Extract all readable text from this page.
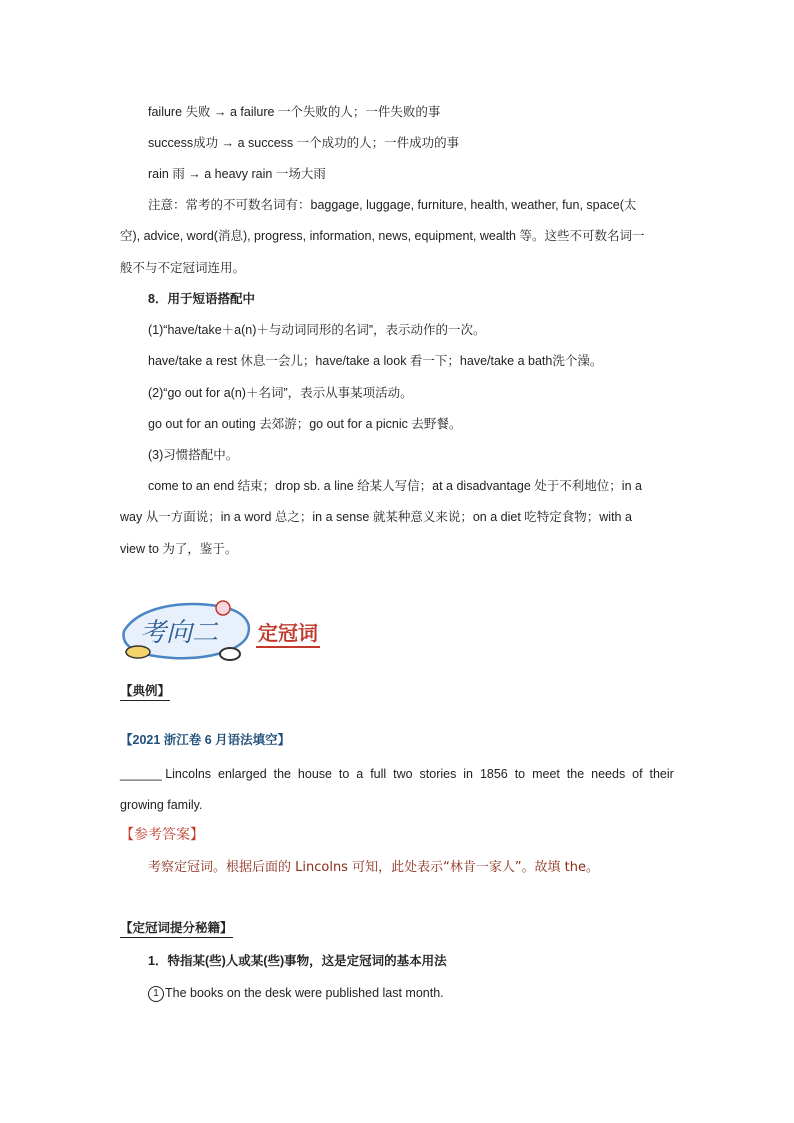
failure 失败 → a failure 一个失败的人；一件失败的事
success成功 → a success 一个成功的人；一件成功的事
rain 雨 → a heavy rain 一场大雨
注意：常考的不可数名词有：baggage, luggage, furniture, health, weather, fun, space(太
空), advice, word(消息), progress, information, news, equipment, wealth 等。这些不可数名词一
般不与不定冠词连用。
8．用于短语搭配中
(1)“have/take＋a(n)＋与动词同形的名词”，表示动作的一次。
have/take a rest 休息一会儿；have/take a look 看一下；have/take a bath洗个澡。
(2)“go out for a(n)＋名词”，表示从事某项活动。
go out for an outing 去郊游；go out for a picnic 去野餐。
(3)习惯搭配中。
come to an end 结束；drop sb. a line 给某人写信；at a disadvantage 处于不利地位；in a
way 从一方面说；in a word 总之；in a sense 就某种意义来说；on a diet 吃特定食物；with a
view to 为了，鉴于。
考向二 定冠词
【典例】
【2021 浙江卷 6 月语法填空】
______ Lincolns  enlarged  the  house  to  a  full  two  stories  in  1856  to  meet  the  needs  of  their
growing family.
【参考答案】
考察定冠词。根据后面的 Lincolns 可知，此处表示“林肯一家人”。故填 the。
【定冠词提分秘籍】
1．特指某(些)人或某(些)事物，这是定冠词的基本用法
1 The books on the desk were published last month.
